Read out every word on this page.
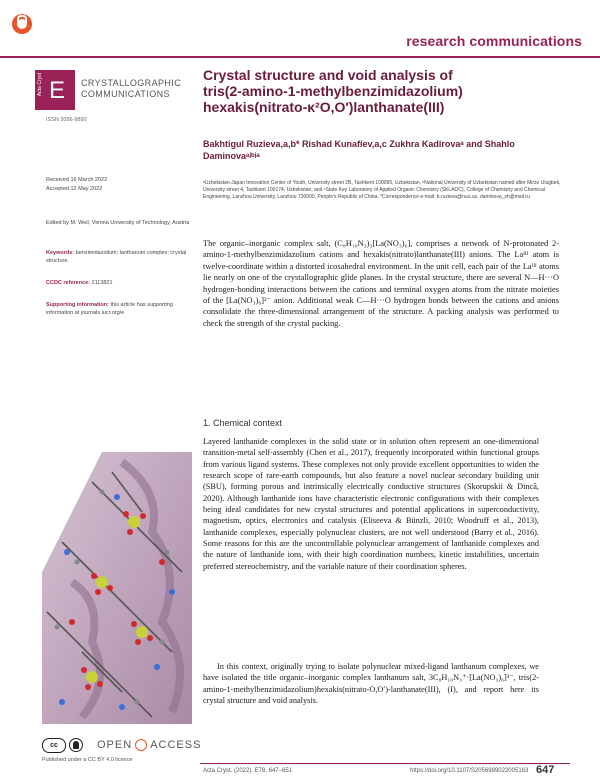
research communications
Acta Cryst E CRYSTALLOGRAPHIC
COMMUNICATIONS
ISSN 2056-9890
Crystal structure and void analysis of
tris(2-amino-1-methylbenzimidazolium)
hexakis(nitrato-κ²O,O′)lanthanate(III)
Bakhtigul Ruzieva,a,b* Rishad Kunafiev,a,c Zukhra Kadirovaᵃ and Shahlo Daminovaᵃʲᵇʲᵃ
ᵃUzbekistan-Japan Innovation Center of Youth, University street 2B, Tashkent 100095, Uzbekistan, ᵇNational University of Uzbekistan named after Mirzo Ulugbek, University street 4, Tashkent 100174, Uzbekistan, and ᶜState Key Laboratory of Applied Organic Chemistry (SKLAOC), College of Chemistry and Chemical Engineering, Lanzhou University, Lanzhou 730000, People's Republic of China. *Correspondence e-mail: b.ruzieva@nuu.uz, daminova_sh@mail.ru
Received 16 March 2022
Accepted 12 May 2022
Edited by M. Weil, Vienna University of Technology, Austria
Keywords: benzimidazolium; lanthanum complex; crystal structure.
CCDC reference: 2113821
Supporting information: this article has supporting information at journals.iucr.org/e
The organic–inorganic complex salt, (C₈H₁₀N₃)₃[La(NO₃)₆], comprises a network of N-protonated 2-amino-1-methylbenzimidazolium cations and hexakis(nitrato)lanthanate(III) anions. The Laᴵᴵᴵ atom is twelve-coordinate within a distorted icosahedral environment. In the unit cell, each pair of the Laᴵᴵᴵ atoms lie nearly on one of the crystallographic glide planes. In the crystal structure, there are several N—H···O hydrogen-bonding interactions between the cations and terminal oxygen atoms from the nitrate moieties of the [La(NO₃)₆]³⁻ anion. Additional weak C—H···O hydrogen bonds between the cations and anions consolidate the three-dimensional arrangement of the structure. A packing analysis was performed to check the strength of the crystal packing.
1. Chemical context
Layered lanthanide complexes in the solid state or in solution often represent an one-dimensional transition-metal self-assembly (Chen et al., 2017), frequently incorporated within functional groups from various ligand systems. These complexes not only provide excellent opportunities to widen the research scope of rare-earth compounds, but also feature a novel nuclear secondary building unit (SBU), forming porous and intrinsically electrically conductive structures (Skorupskii & Dincă, 2020). Although lanthanide ions have characteristic electronic configurations with their complexes being ideal candidates for new crystal structures and potential applications in superconductivity, magnetism, optics, electronics and catalysis (Eliseeva & Bünzli, 2010; Woodruff et al., 2013), lanthanide complexes, especially polynuclear clusters, are not well understood (Barry et al., 2016). Some reasons for this are the uncontrollable polynuclear arrangement of lanthanide complexes and the nature of lanthanide ions, with their high coordination numbers, kinetic instabilities, uncertain preferred stereochemistry, and the variable nature of their coordination spheres.
In this context, originally trying to isolate polynuclear mixed-ligand lanthanum complexes, we have isolated the title organic–inorganic complex lanthanum salt, 3C₈H₁₀N₃⁺·[La(NO₃)₆]³⁻, tris(2-amino-1-methylbenzimidazolium)hexakis(nitrato-O,O′)-lanthanate(III), (I), and report here its crystal structure and void analysis.
cc	OPEN ACCESS
Published under a CC BY 4.0 licence
Acta Cryst. (2022). E78, 647–651	https://doi.org/10.1107/S2056989022005163 647
